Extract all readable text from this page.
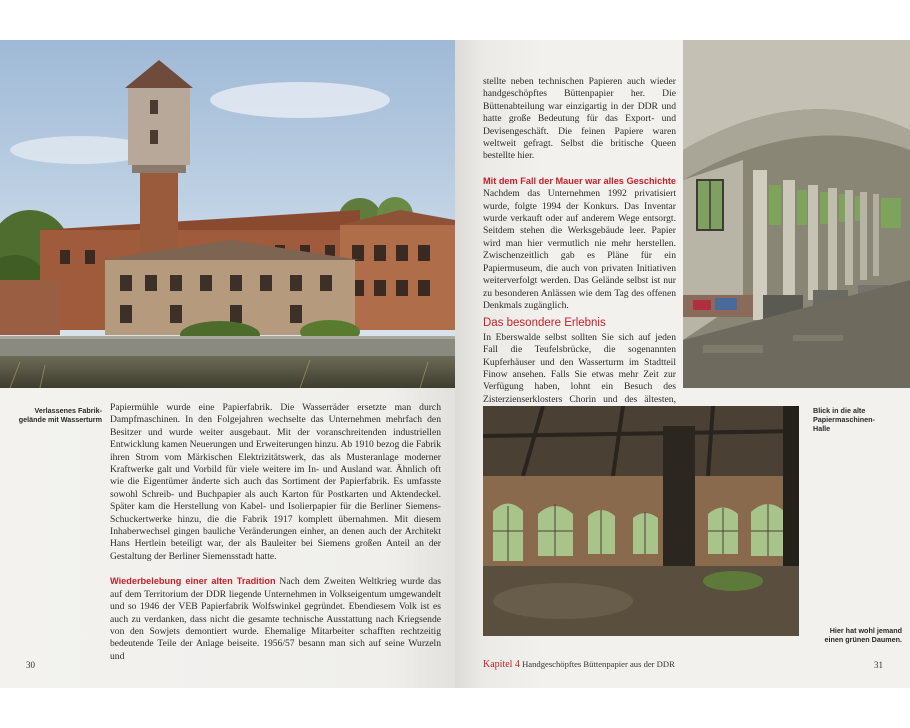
Verlassenes Fabrik-
gelände mit Wasserturm

Papiermühle wurde eine Papierfabrik. Die Wasserräder ersetzte man durch Dampfmaschinen. In den Folgejahren wechselte das Unternehmen mehrfach den Besitzer und wurde weiter ausgebaut. Mit der voranschreitenden industriellen Entwicklung kamen Neuerungen und Erweiterungen hinzu. Ab 1910 bezog die Fabrik ihren Strom vom Märkischen Elektrizitätswerk, das als Musteranlage moderner Kraftwerke galt und Vorbild für viele weitere im In- und Ausland war. Ähnlich oft wie die Eigentümer änderte sich auch das Sortiment der Papierfabrik. Es umfasste sowohl Schreib- und Buchpapier als auch Karton für Postkarten und Aktendeckel. Später kam die Herstellung von Kabel- und Isolierpapier für die Berliner Siemens-Schuckertwerke hinzu, die die Fabrik 1917 komplett übernahmen. Mit diesem Inhaberwechsel gingen bauliche Veränderungen einher, an denen auch der Architekt Hans Hertlein beteiligt war, der als Bauleiter bei Siemens großen Anteil an der Gestaltung der Berliner Siemensstadt hatte.

Wiederbelebung einer alten Tradition Nach dem Zweiten Weltkrieg wurde das auf dem Territorium der DDR liegende Unternehmen in Volkseigentum umgewandelt und so 1946 der VEB Papierfabrik Wolfswinkel gegründet. Ebendiesem Volk ist es auch zu verdanken, dass nicht die gesamte technische Ausstattung nach Kriegsende von den Sowjets demontiert wurde. Ehemalige Mitarbeiter schafften rechtzeitig bedeutende Teile der Anlage beiseite. 1956/57 besann man sich auf seine Wurzeln und

30

stellte neben technischen Papieren auch wieder handgeschöpftes Büttenpapier her. Die Büttenabteilung war einzigartig in der DDR und hatte große Bedeutung für das Export- und Devisengeschäft. Die feinen Papiere waren weltweit gefragt. Selbst die britische Queen bestellte hier.

Mit dem Fall der Mauer war alles Geschichte Nachdem das Unternehmen 1992 privatisiert wurde, folgte 1994 der Konkurs. Das Inventar wurde verkauft oder auf anderem Wege entsorgt. Seitdem stehen die Werksgebäude leer. Papier wird man hier vermutlich nie mehr herstellen. Zwischenzeitlich gab es Pläne für ein Papiermuseum, die auch von privaten Initiativen weiterverfolgt werden. Das Gelände selbst ist nur zu besonderen Anlässen wie dem Tag des offenen Denkmals zugänglich.

Das besondere Erlebnis

In Eberswalde selbst sollten Sie sich auf jeden Fall die Teufelsbrücke, die sogenannten Kupferhäuser und den Wasserturm im Stadtteil Finow ansehen. Falls Sie etwas mehr Zeit zur Verfügung haben, lohnt ein Besuch des Zisterzienserklosters Chorin und des ältesten,

Blick in die alte
Papiermaschinen-
Halle
Hier hat wohl jemand
einen grünen Daumen.
Kapitel 4 Handgeschöpftes Büttenpapier aus der DDR	31
